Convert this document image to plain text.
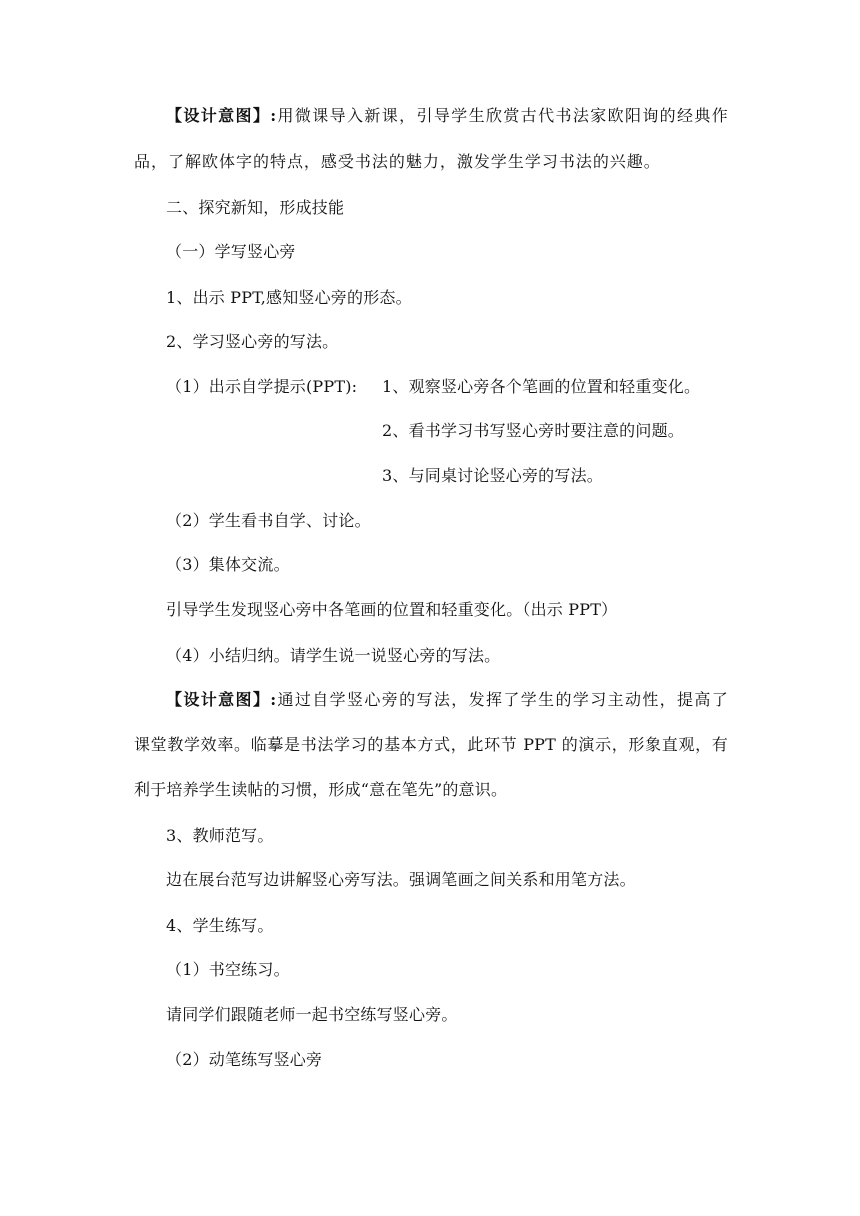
【设计意图】:用微课导入新课，引导学生欣赏古代书法家欧阳询的经典作
品，了解欧体字的特点，感受书法的魅力，激发学生学习书法的兴趣。
二、探究新知，形成技能
（一）学写竖心旁
1、出示 PPT,感知竖心旁的形态。
2、学习竖心旁的写法。
（1）出示自学提示(PPT): 1、观察竖心旁各个笔画的位置和轻重变化。
2、看书学习书写竖心旁时要注意的问题。
3、与同桌讨论竖心旁的写法。
（2）学生看书自学、讨论。
（3）集体交流。
引导学生发现竖心旁中各笔画的位置和轻重变化。（出示 PPT）
（4）小结归纳。请学生说一说竖心旁的写法。
【设计意图】:通过自学竖心旁的写法，发挥了学生的学习主动性，提高了
课堂教学效率。临摹是书法学习的基本方式，此环节 PPT 的演示，形象直观，有
利于培养学生读帖的习惯，形成“意在笔先”的意识。
3、教师范写。
边在展台范写边讲解竖心旁写法。强调笔画之间关系和用笔方法。
4、学生练写。
（1）书空练习。
请同学们跟随老师一起书空练写竖心旁。
（2）动笔练写竖心旁
